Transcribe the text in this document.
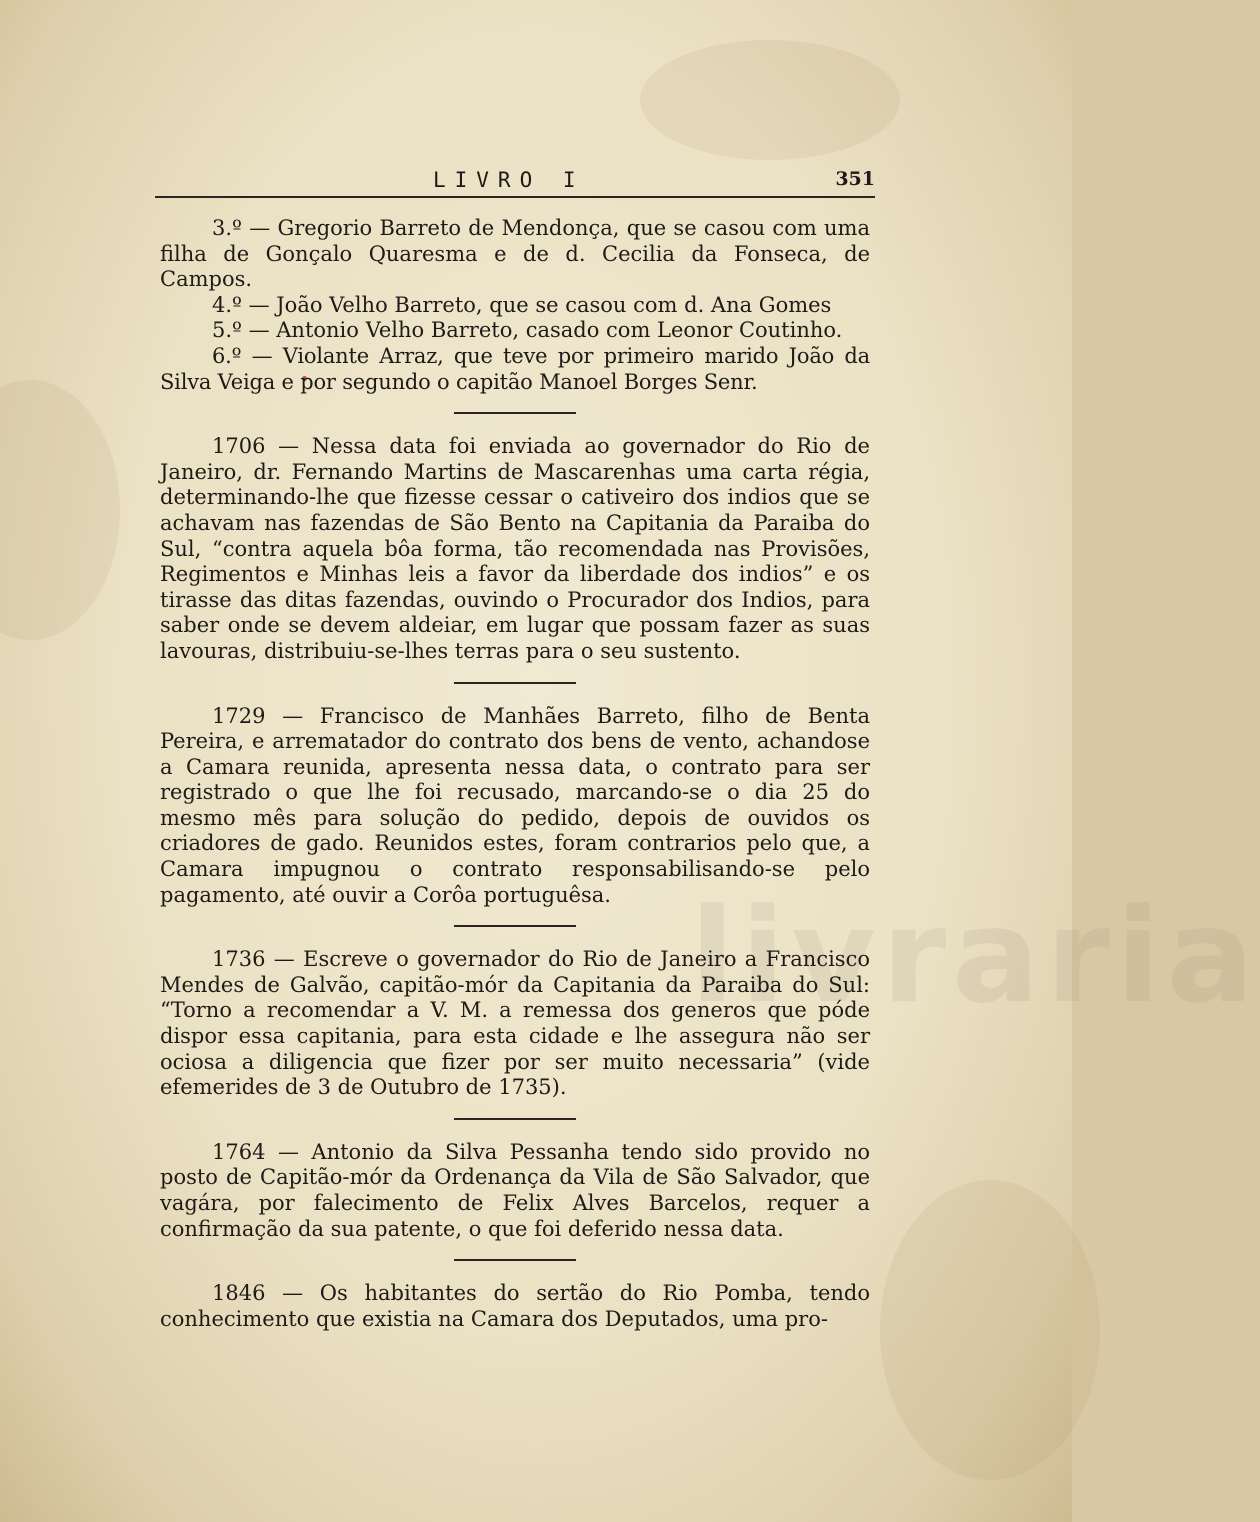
livraria
LIVRO I	351

3.º — Gregorio Barreto de Mendonça, que se casou com uma filha de Gonçalo Quaresma e de d. Cecilia da Fonseca, de Campos.

4.º — João Velho Barreto, que se casou com d. Ana Gomes

5.º — Antonio Velho Barreto, casado com Leonor Coutinho.

6.º — Violante Arraz, que teve por primeiro marido João da Silva Veiga e por segundo o capitão Manoel Borges Senr.

1706 — Nessa data foi enviada ao governador do Rio de Janeiro, dr. Fernando Martins de Mascarenhas uma carta régia, determinando-lhe que fizesse cessar o cativeiro dos indios que se achavam nas fazendas de São Bento na Capitania da Paraiba do Sul, “contra aquela bôa forma, tão recomendada nas Provisões, Regimentos e Minhas leis a favor da liberdade dos indios” e os tirasse das ditas fazendas, ouvindo o Procurador dos Indios, para saber onde se devem aldeiar, em lugar que possam fazer as suas lavouras, distribuiu-se-lhes terras para o seu sustento.

1729 — Francisco de Manhães Barreto, filho de Benta Pereira, e arrematador do contrato dos bens de vento, achandose a Camara reunida, apresenta nessa data, o contrato para ser registrado o que lhe foi recusado, marcando-se o dia 25 do mesmo mês para solução do pedido, depois de ouvidos os criadores de gado. Reunidos estes, foram contrarios pelo que, a Camara impugnou o contrato responsabilisando-se pelo pagamento, até ouvir a Corôa portuguêsa.

1736 — Escreve o governador do Rio de Janeiro a Francisco Mendes de Galvão, capitão-mór da Capitania da Paraiba do Sul: “Torno a recomendar a V. M. a remessa dos generos que póde dispor essa capitania, para esta cidade e lhe assegura não ser ociosa a diligencia que fizer por ser muito necessaria” (vide efemerides de 3 de Outubro de 1735).

1764 — Antonio da Silva Pessanha tendo sido provido no posto de Capitão-mór da Ordenança da Vila de São Salvador, que vagára, por falecimento de Felix Alves Barcelos, requer a confirmação da sua patente, o que foi deferido nessa data.

1846 — Os habitantes do sertão do Rio Pomba, tendo conhecimento que existia na Camara dos Deputados, uma pro-
